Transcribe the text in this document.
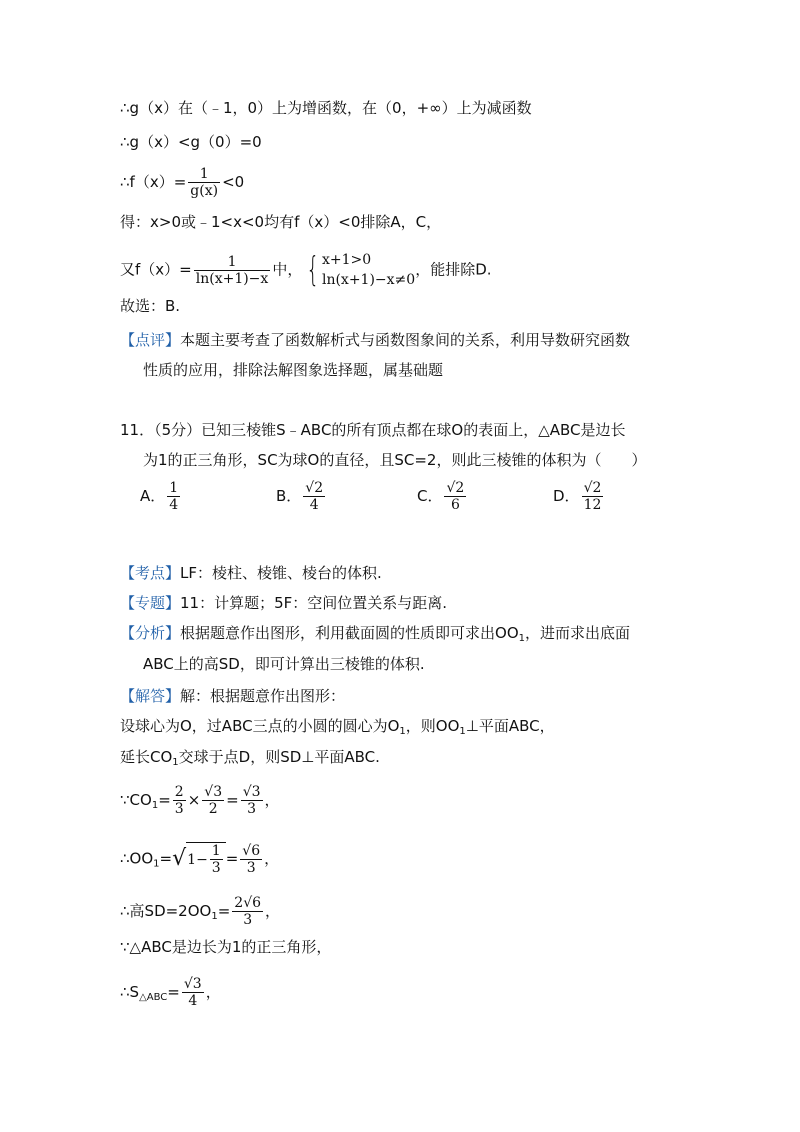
∴g（x）在（﹣1，0）上为增函数，在（0，+∞）上为减函数
∴g（x）<g（0）=0
∴f（x）= $\frac{1}{g(x)} <0$
得：x>0或﹣1<x<0均有f（x）<0排除A，C，
又$f(x)= \frac{1}{\ln(x+1)-x}$ 中， { x+1>0
ln(x+1)−x≠0
，能排除D.
故选：B.
【点评】本题主要考查了函数解析式与函数图象间的关系，利用导数研究函数
性质的应用，排除法解图象选择题，属基础题
11．（5分）已知三棱锥S﹣ABC的所有顶点都在球O的表面上，△ABC是边长
为1的正三角形，SC为球O的直径，且SC=2，则此三棱锥的体积为（　　）
A． $\frac{1}{4}$	B． $\frac{√2}{4}$	C． $\frac{√2}{6}$	D． $\frac{√2}{12}$
【考点】LF：棱柱、棱锥、棱台的体积.
【专题】11：计算题；5F：空间位置关系与距离.
【分析】根据题意作出图形，利用截面圆的性质即可求出$OO_1$，进而求出底面
ABC上的高SD，即可计算出三棱锥的体积.
【解答】解：根据题意作出图形：
设球心为O，过ABC三点的小圆的圆心为$O_1$，则$OO_1\perp$平面ABC，
延长$CO_1$交球于点D，则SD⊥平面ABC.
$\because CO_1= \frac{2}{3} \times \frac{√3}{2} = \frac{√3}{3}$ ，
$\therefore OO_1=√1- \frac{1}{3} = \frac{√6}{3}$ ，
∴高$SD=2OO_1= \frac{2√6}{3}$ ，
∵△ABC是边长为1的正三角形，
$\therefore S_{\triangle ABC}= \frac{√3}{4}$ ，
